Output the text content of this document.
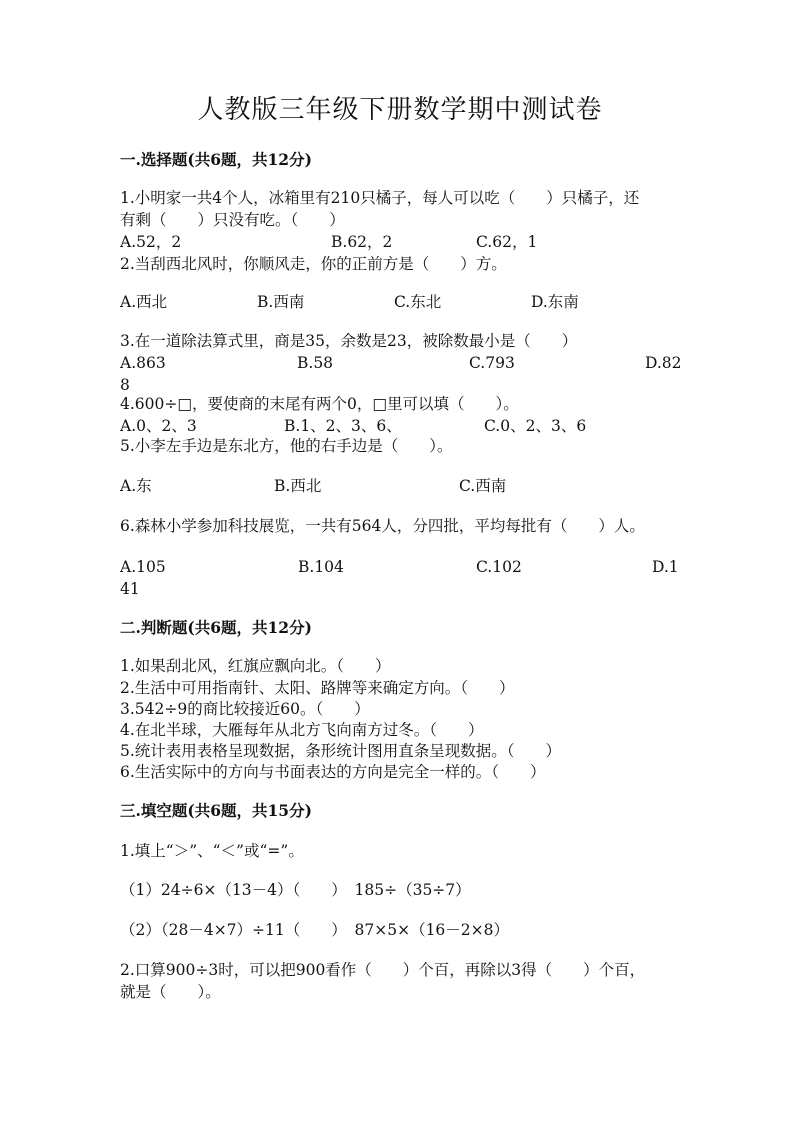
人教版三年级下册数学期中测试卷
一.选择题(共6题，共12分)
1.小明家一共4个人，冰箱里有210只橘子，每人可以吃（　　）只橘子，还
有剩（　　）只没有吃。（　　）
A.52，2	B.62，2	C.62，1
2.当刮西北风时，你顺风走，你的正前方是（　　）方。
A.西北	B.西南	C.东北	D.东南
3.在一道除法算式里，商是35，余数是23，被除数最小是（　　）
A.863	B.58	C.793	D.82
8
4.600÷□，要使商的末尾有两个0，□里可以填（　　）。
A.0、2、3	B.1、2、3、6、	C.0、2、3、6
5.小李左手边是东北方，他的右手边是（　　）。
A.东	B.西北	C.西南
6.森林小学参加科技展览，一共有564人，分四批，平均每批有（　　）人。
A.105	B.104	C.102	D.1
41
二.判断题(共6题，共12分)
1.如果刮北风，红旗应飘向北。（　　）
2.生活中可用指南针、太阳、路牌等来确定方向。（　　）
3.542÷9的商比较接近60。（　　）
4.在北半球，大雁每年从北方飞向南方过冬。（　　）
5.统计表用表格呈现数据，条形统计图用直条呈现数据。（　　）
6.生活实际中的方向与书面表达的方向是完全一样的。（　　）
三.填空题(共6题，共15分)
1.填上“＞”、“＜”或“=”。
（1）24÷6×（13－4）（　　）　185÷（35÷7）
（2）（28－4×7）÷11（　　）　87×5×（16－2×8）
2.口算900÷3时，可以把900看作（　　）个百，再除以3得（　　）个百，
就是（　　）。
